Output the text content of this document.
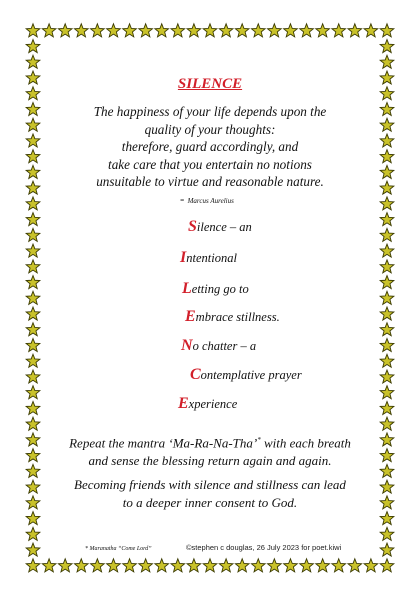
SILENCE
The happiness of your life depends upon the
quality of your thoughts:
therefore, guard accordingly, and
take care that you entertain no notions
unsuitable to virtue and reasonable nature.
- Marcus Aurelius
Silence – an
Intentional
Letting go to
Embrace stillness.
No chatter – a
Contemplative prayer
Experience
Repeat the mantra ‘Ma-Ra-Na-Tha’* with each breath
and sense the blessing return again and again.
Becoming friends with silence and stillness can lead
to a deeper inner consent to God.
* Maranatha “Come Lord”	©stephen c douglas, 26 July 2023 for poet.kiwi
